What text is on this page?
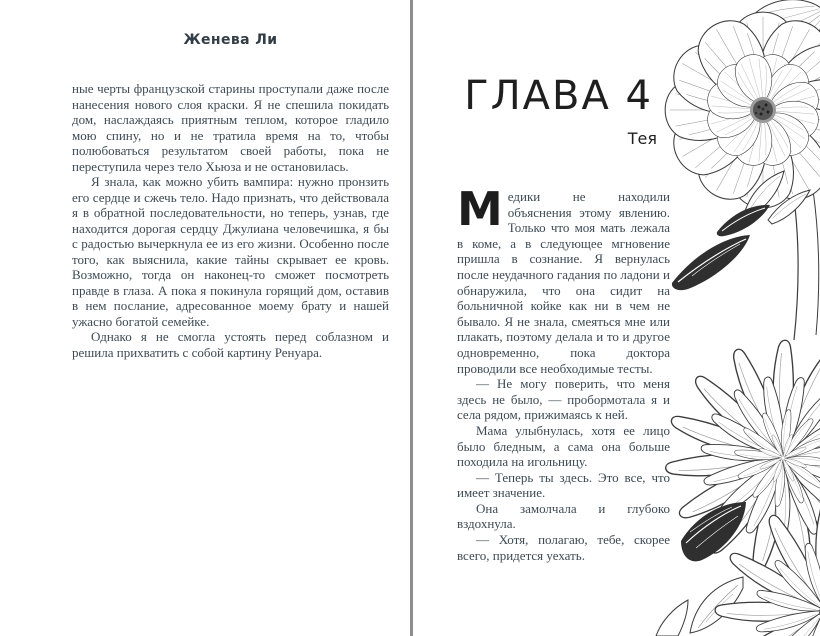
Женева Ли

ные черты французской старины проступали даже после нанесения нового слоя краски. Я не спешила покидать дом, наслаждаясь приятным теплом, которое гладило мою спину, но и не тратила время на то, чтобы полюбоваться результатом своей работы, пока не переступила через тело Хьюза и не остановилась.

Я знала, как можно убить вампира: нужно пронзить его сердце и сжечь тело. Надо признать, что действовала я в обратной последовательности, но теперь, узнав, где находится дорогая сердцу Джулиана человечишка, я бы с радостью вычеркнула ее из его жизни. Особенно после того, как выяснила, какие тайны скрывает ее кровь. Возможно, тогда он наконец-то сможет посмотреть правде в глаза. А пока я покинула горящий дом, оставив в нем послание, адресованное моему брату и нашей ужасно богатой семейке.

Однако я не смогла устоять перед соблазном и решила прихватить с собой картину Ренуара.

ГЛАВА 4
Тея

Медики не находили объяснения этому явлению. Только что моя мать лежала в коме, а в следующее мгновение пришла в сознание. Я вернулась после неудачного гадания по ладони и обнаружила, что она сидит на больничной койке как ни в чем не бывало. Я не знала, смеяться мне или плакать, поэтому делала и то и другое одновременно, пока доктора проводили все необходимые тесты.

— Не могу поверить, что меня здесь не было, — пробормотала я и села рядом, прижимаясь к ней.

Мама улыбнулась, хотя ее лицо было бледным, а сама она больше походила на игольницу.

— Теперь ты здесь. Это все, что имеет значение.

Она замолчала и глубоко вздохнула.

— Хотя, полагаю, тебе, скорее всего, придется уехать.
